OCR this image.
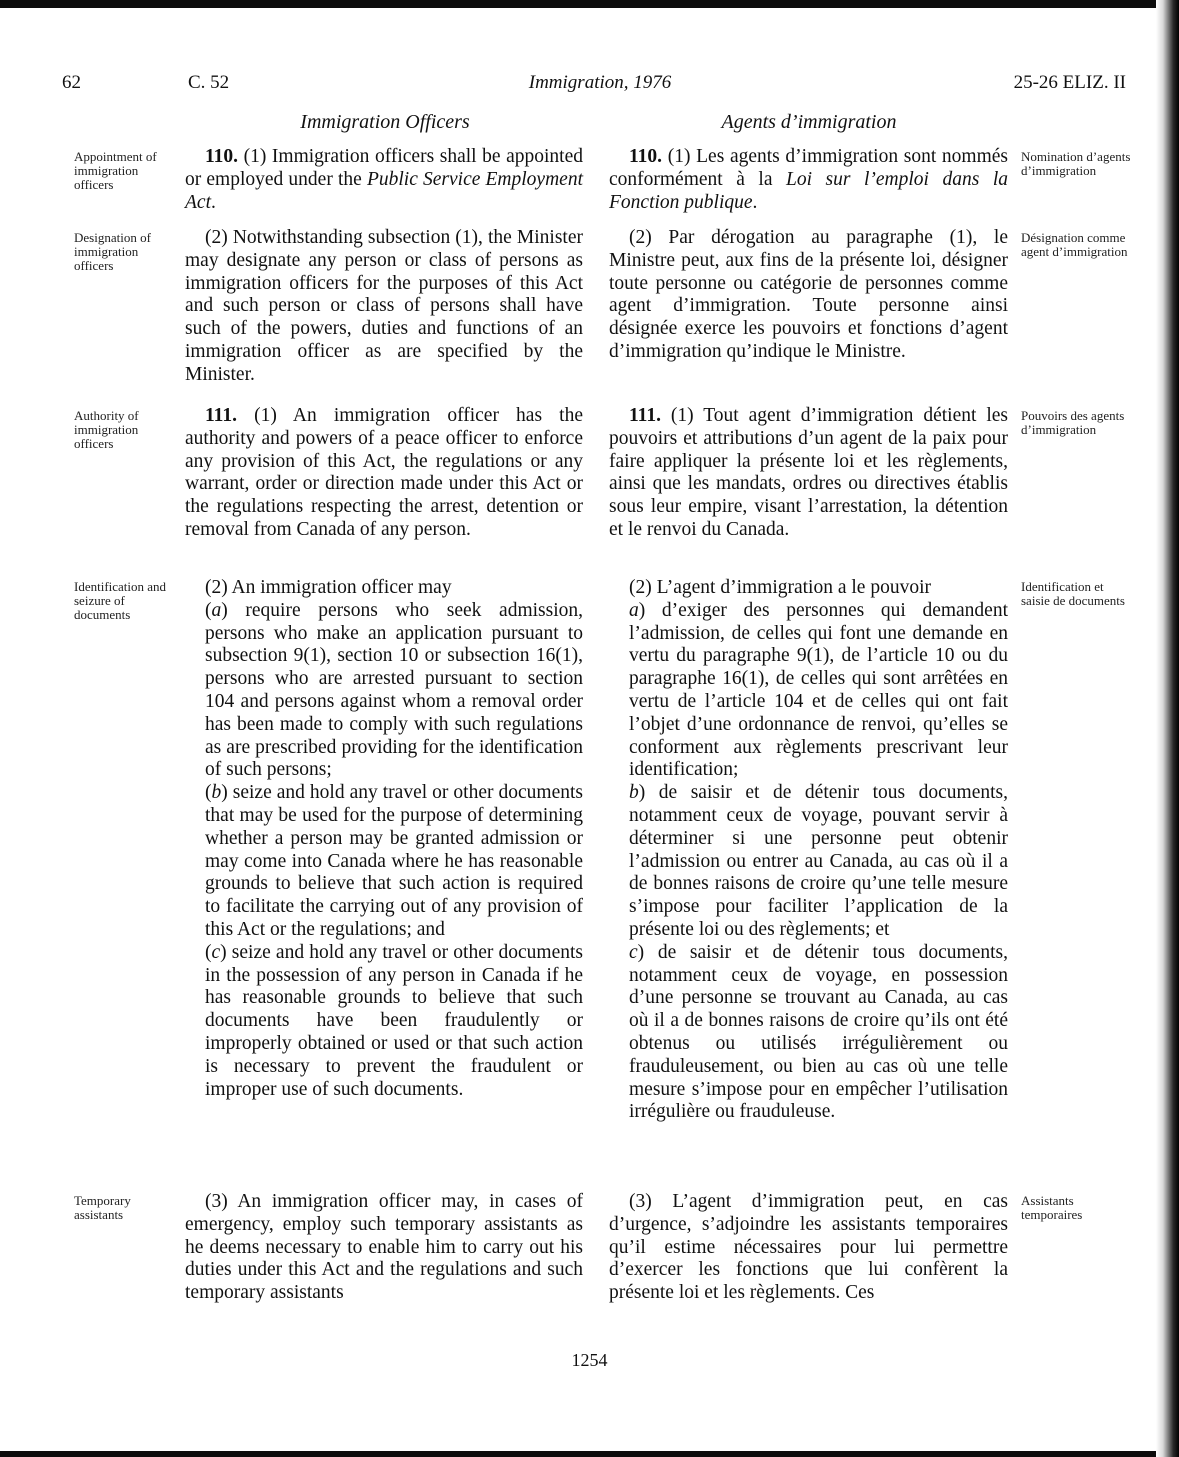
62	C. 52	Immigration, 1976	25-26 ELIZ. II
Immigration Officers	Agents d’immigration
Appointment of immigration officers
Designation of immigration officers
Authority of immigration officers
Identification and seizure of documents
Temporary assistants
Nomination d’agents d’immigration
Désignation comme agent d’immigration
Pouvoirs des agents d’immigration
Identification et saisie de documents
Assistants temporaires

110. (1) Immigration officers shall be appointed or employed under the Public Service Employment Act.

(2) Notwithstanding subsection (1), the Minister may designate any person or class of persons as immigration officers for the purposes of this Act and such person or class of persons shall have such of the powers, duties and functions of an immigration officer as are specified by the Minister.

111. (1) An immigration officer has the authority and powers of a peace officer to enforce any provision of this Act, the regulations or any warrant, order or direction made under this Act or the regulations respecting the arrest, detention or removal from Canada of any person.

(2) An immigration officer may

(a) require persons who seek admission, persons who make an application pursuant to subsection 9(1), section 10 or subsection 16(1), persons who are arrested pursuant to section 104 and persons against whom a removal order has been made to comply with such regulations as are prescribed providing for the identification of such persons;

(b) seize and hold any travel or other documents that may be used for the purpose of determining whether a person may be granted admission or may come into Canada where he has reasonable grounds to believe that such action is required to facilitate the carrying out of any provision of this Act or the regulations; and

(c) seize and hold any travel or other documents in the possession of any person in Canada if he has reasonable grounds to believe that such documents have been fraudulently or improperly obtained or used or that such action is necessary to prevent the fraudulent or improper use of such documents.

(3) An immigration officer may, in cases of emergency, employ such temporary assistants as he deems necessary to enable him to carry out his duties under this Act and the regulations and such temporary assistants

110. (1) Les agents d’immigration sont nommés conformément à la Loi sur l’emploi dans la Fonction publique.

(2) Par dérogation au paragraphe (1), le Ministre peut, aux fins de la présente loi, désigner toute personne ou catégorie de personnes comme agent d’immigration. Toute personne ainsi désignée exerce les pouvoirs et fonctions d’agent d’immigration qu’indique le Ministre.

111. (1) Tout agent d’immigration détient les pouvoirs et attributions d’un agent de la paix pour faire appliquer la présente loi et les règlements, ainsi que les mandats, ordres ou directives établis sous leur empire, visant l’arrestation, la détention et le renvoi du Canada.

(2) L’agent d’immigration a le pouvoir

a) d’exiger des personnes qui demandent l’admission, de celles qui font une demande en vertu du paragraphe 9(1), de l’article 10 ou du paragraphe 16(1), de celles qui sont arrêtées en vertu de l’article 104 et de celles qui ont fait l’objet d’une ordonnance de renvoi, qu’elles se conforment aux règlements prescrivant leur identification;

b) de saisir et de détenir tous documents, notamment ceux de voyage, pouvant servir à déterminer si une personne peut obtenir l’admission ou entrer au Canada, au cas où il a de bonnes raisons de croire qu’une telle mesure s’impose pour faciliter l’application de la présente loi ou des règlements; et

c) de saisir et de détenir tous documents, notamment ceux de voyage, en possession d’une personne se trouvant au Canada, au cas où il a de bonnes raisons de croire qu’ils ont été obtenus ou utilisés irrégulièrement ou frauduleusement, ou bien au cas où une telle mesure s’impose pour en empêcher l’utilisation irrégulière ou frauduleuse.

(3) L’agent d’immigration peut, en cas d’urgence, s’adjoindre les assistants temporaires qu’il estime nécessaires pour lui permettre d’exercer les fonctions que lui confèrent la présente loi et les règlements. Ces

1254
